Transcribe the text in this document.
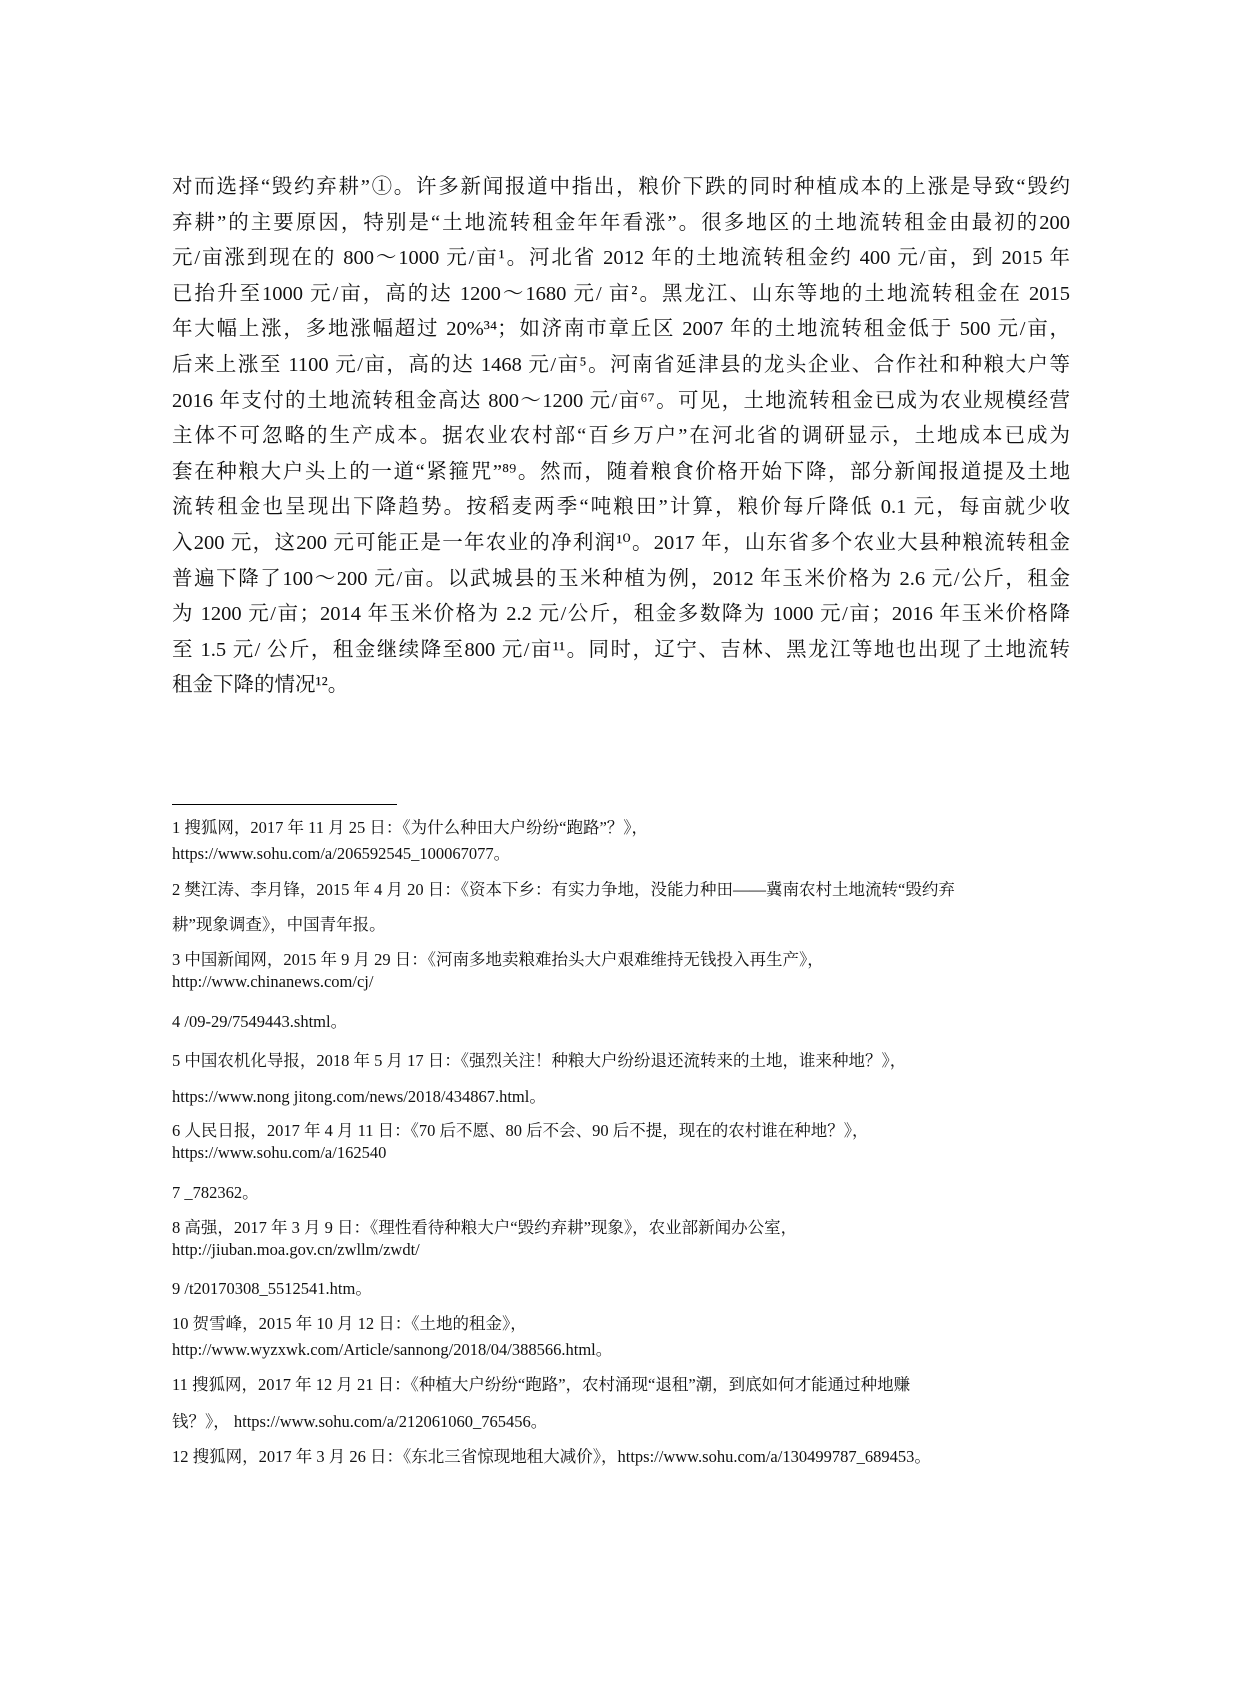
对而选择“毁约弃耕”①。许多新闻报道中指出，粮价下跌的同时种植成本的上涨是导致“毁约
弃耕”的主要原因，特别是“土地流转租金年年看涨”。很多地区的土地流转租金由最初的200
元/亩涨到现在的 800～1000 元/亩¹。河北省 2012 年的土地流转租金约 400 元/亩，到 2015 年
已抬升至1000 元/亩，高的达 1200～1680 元/ 亩²。黑龙江、山东等地的土地流转租金在 2015
年大幅上涨，多地涨幅超过 20%³⁴；如济南市章丘区 2007 年的土地流转租金低于 500 元/亩，
后来上涨至 1100 元/亩，高的达 1468 元/亩⁵。河南省延津县的龙头企业、合作社和种粮大户等
2016 年支付的土地流转租金高达 800～1200 元/亩⁶⁷。可见，土地流转租金已成为农业规模经营
主体不可忽略的生产成本。据农业农村部“百乡万户”在河北省的调研显示，土地成本已成为
套在种粮大户头上的一道“紧箍咒”⁸⁹。然而，随着粮食价格开始下降，部分新闻报道提及土地
流转租金也呈现出下降趋势。按稻麦两季“吨粮田”计算，粮价每斤降低 0.1 元，每亩就少收
入200 元，这200 元可能正是一年农业的净利润¹⁰。2017 年，山东省多个农业大县种粮流转租金
普遍下降了100～200 元/亩。以武城县的玉米种植为例，2012 年玉米价格为 2.6 元/公斤，租金
为 1200 元/亩；2014 年玉米价格为 2.2 元/公斤，租金多数降为 1000 元/亩；2016 年玉米价格降
至 1.5 元/ 公斤，租金继续降至800 元/亩¹¹。同时，辽宁、吉林、黑龙江等地也出现了土地流转
租金下降的情况¹²。

1 搜狐网，2017 年 11 月 25 日：《为什么种田大户纷纷“跑路”？》，

https://www.sohu.com/a/206592545_100067077。

2 樊江涛、李月锋，2015 年 4 月 20 日：《资本下乡：有实力争地，没能力种田——冀南农村土地流转“毁约弃

耕”现象调查》，中国青年报。

3 中国新闻网，2015 年 9 月 29 日：《河南多地卖粮难抬头大户艰难维持无钱投入再生产》，

http://www.chinanews.com/cj/

4 /09-29/7549443.shtml。

5 中国农机化导报，2018 年 5 月 17 日：《强烈关注！种粮大户纷纷退还流转来的土地，谁来种地？》，

https://www.nong jitong.com/news/2018/434867.html。

6 人民日报，2017 年 4 月 11 日：《70 后不愿、80 后不会、90 后不提，现在的农村谁在种地？》，

https://www.sohu.com/a/162540

7 _782362。

8 高强，2017 年 3 月 9 日：《理性看待种粮大户“毁约弃耕”现象》，农业部新闻办公室，

http://jiuban.moa.gov.cn/zwllm/zwdt/

9 /t20170308_5512541.htm。

10 贺雪峰，2015 年 10 月 12 日：《土地的租金》，

http://www.wyzxwk.com/Article/sannong/2018/04/388566.html。

11 搜狐网，2017 年 12 月 21 日：《种植大户纷纷“跑路”，农村涌现“退租”潮，到底如何才能通过种地赚

钱？》， https://www.sohu.com/a/212061060_765456。

12 搜狐网，2017 年 3 月 26 日：《东北三省惊现地租大减价》，https://www.sohu.com/a/130499787_689453。
